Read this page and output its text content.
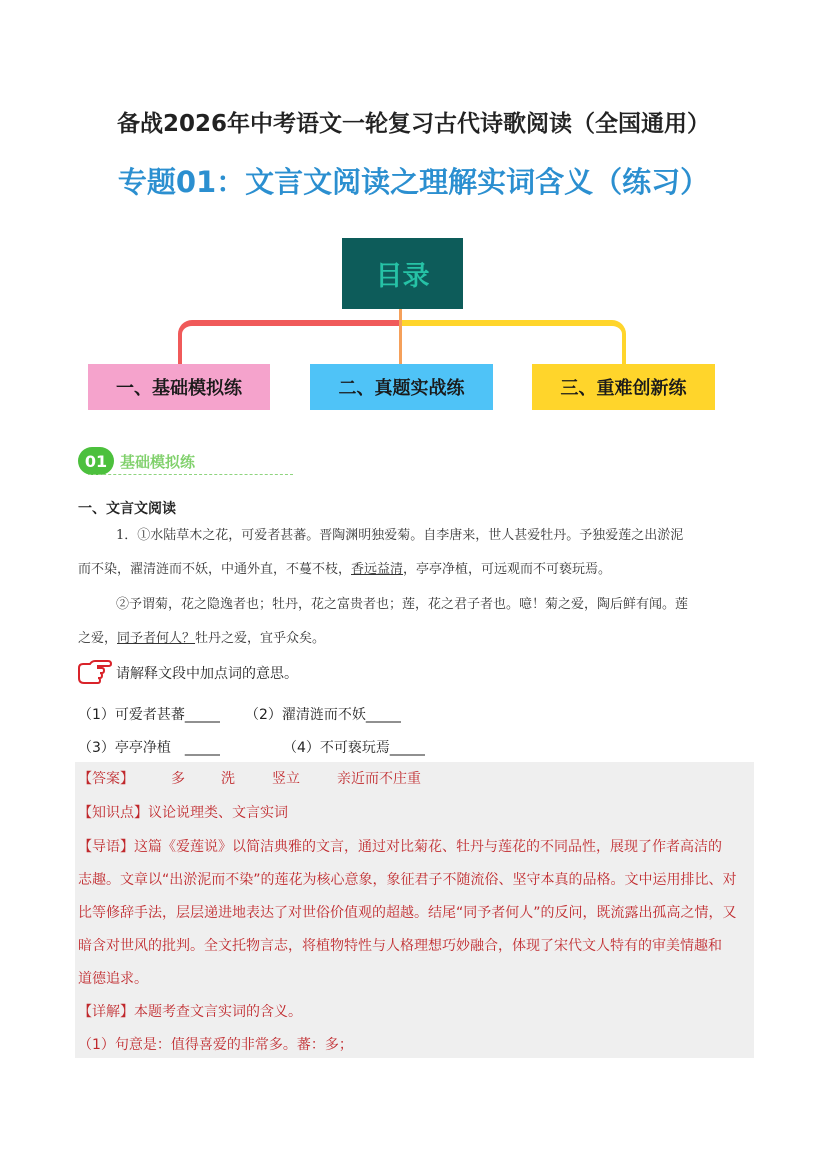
备战2026年中考语文一轮复习古代诗歌阅读（全国通用）
专题01：文言文阅读之理解实词含义（练习）
目录
一、基础模拟练	二、真题实战练	三、重难创新练
01 基础模拟练
一、文言文阅读
1．①水陆草木之花，可爱者甚蕃。晋陶渊明独爱菊。自李唐来，世人甚爱牡丹。予独爱莲之出淤泥
而不染，濯清涟而不妖，中通外直，不蔓不枝，香远益清，亭亭净植，可远观而不可亵玩焉。
②予谓菊，花之隐逸者也；牡丹，花之富贵者也；莲，花之君子者也。噫！菊之爱，陶后鲜有闻。莲
之爱，同予者何人？牡丹之爱，宜乎众矣。
请解释文段中加点词的意思。
（1）可爱者甚蕃_____ （2）濯清涟而不妖_____
（3）亭亭净植　_____	（4）不可亵玩焉_____
【答案】	多	洗	竖立	亲近而不庄重
【知识点】议论说理类、文言实词
【导语】这篇《爱莲说》以简洁典雅的文言，通过对比菊花、牡丹与莲花的不同品性，展现了作者高洁的
志趣。文章以“出淤泥而不染”的莲花为核心意象，象征君子不随流俗、坚守本真的品格。文中运用排比、对
比等修辞手法，层层递进地表达了对世俗价值观的超越。结尾“同予者何人”的反问，既流露出孤高之情，又
暗含对世风的批判。全文托物言志，将植物特性与人格理想巧妙融合，体现了宋代文人特有的审美情趣和
道德追求。
【详解】本题考查文言实词的含义。
（1）句意是：值得喜爱的非常多。蕃：多；
